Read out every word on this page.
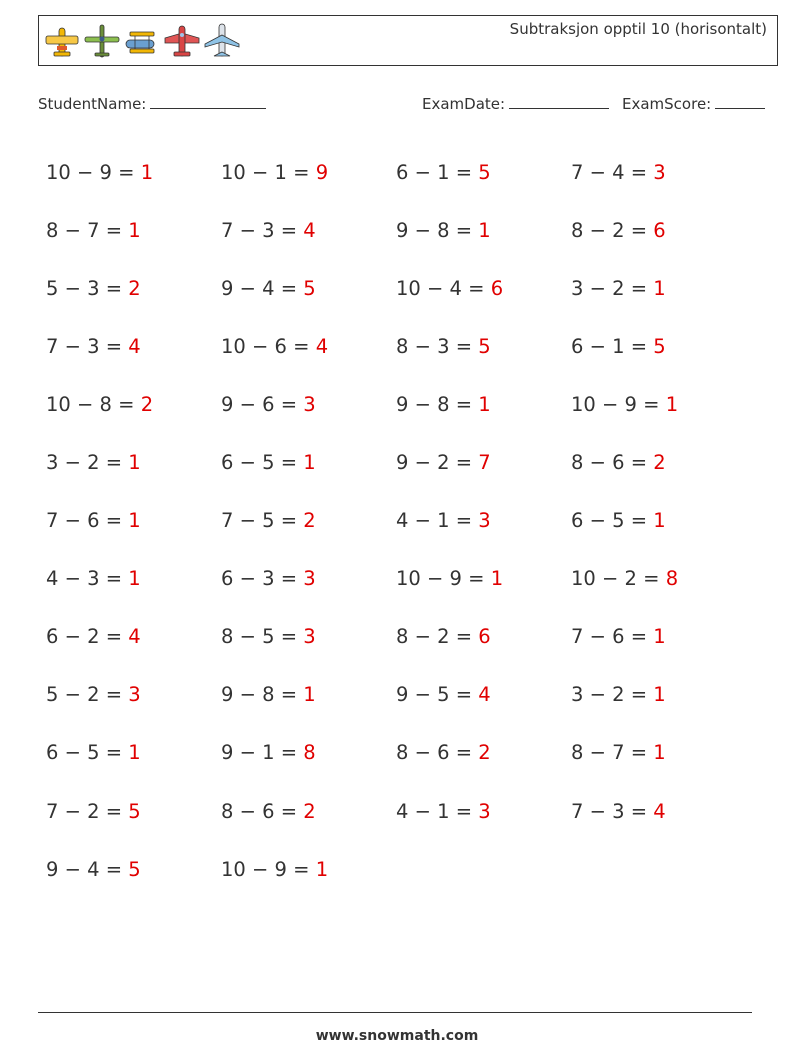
Subtraksjon opptil 10 (horisontalt)
StudentName:	ExamDate:	ExamScore:
10 − 9 = 1	10 − 1 = 9	6 − 1 = 5	7 − 4 = 3
8 − 7 = 1	7 − 3 = 4	9 − 8 = 1	8 − 2 = 6
5 − 3 = 2	9 − 4 = 5	10 − 4 = 6	3 − 2 = 1
7 − 3 = 4	10 − 6 = 4	8 − 3 = 5	6 − 1 = 5
10 − 8 = 2	9 − 6 = 3	9 − 8 = 1	10 − 9 = 1
3 − 2 = 1	6 − 5 = 1	9 − 2 = 7	8 − 6 = 2
7 − 6 = 1	7 − 5 = 2	4 − 1 = 3	6 − 5 = 1
4 − 3 = 1	6 − 3 = 3	10 − 9 = 1	10 − 2 = 8
6 − 2 = 4	8 − 5 = 3	8 − 2 = 6	7 − 6 = 1
5 − 2 = 3	9 − 8 = 1	9 − 5 = 4	3 − 2 = 1
6 − 5 = 1	9 − 1 = 8	8 − 6 = 2	8 − 7 = 1
7 − 2 = 5	8 − 6 = 2	4 − 1 = 3	7 − 3 = 4
9 − 4 = 5	10 − 9 = 1
www.snowmath.com
